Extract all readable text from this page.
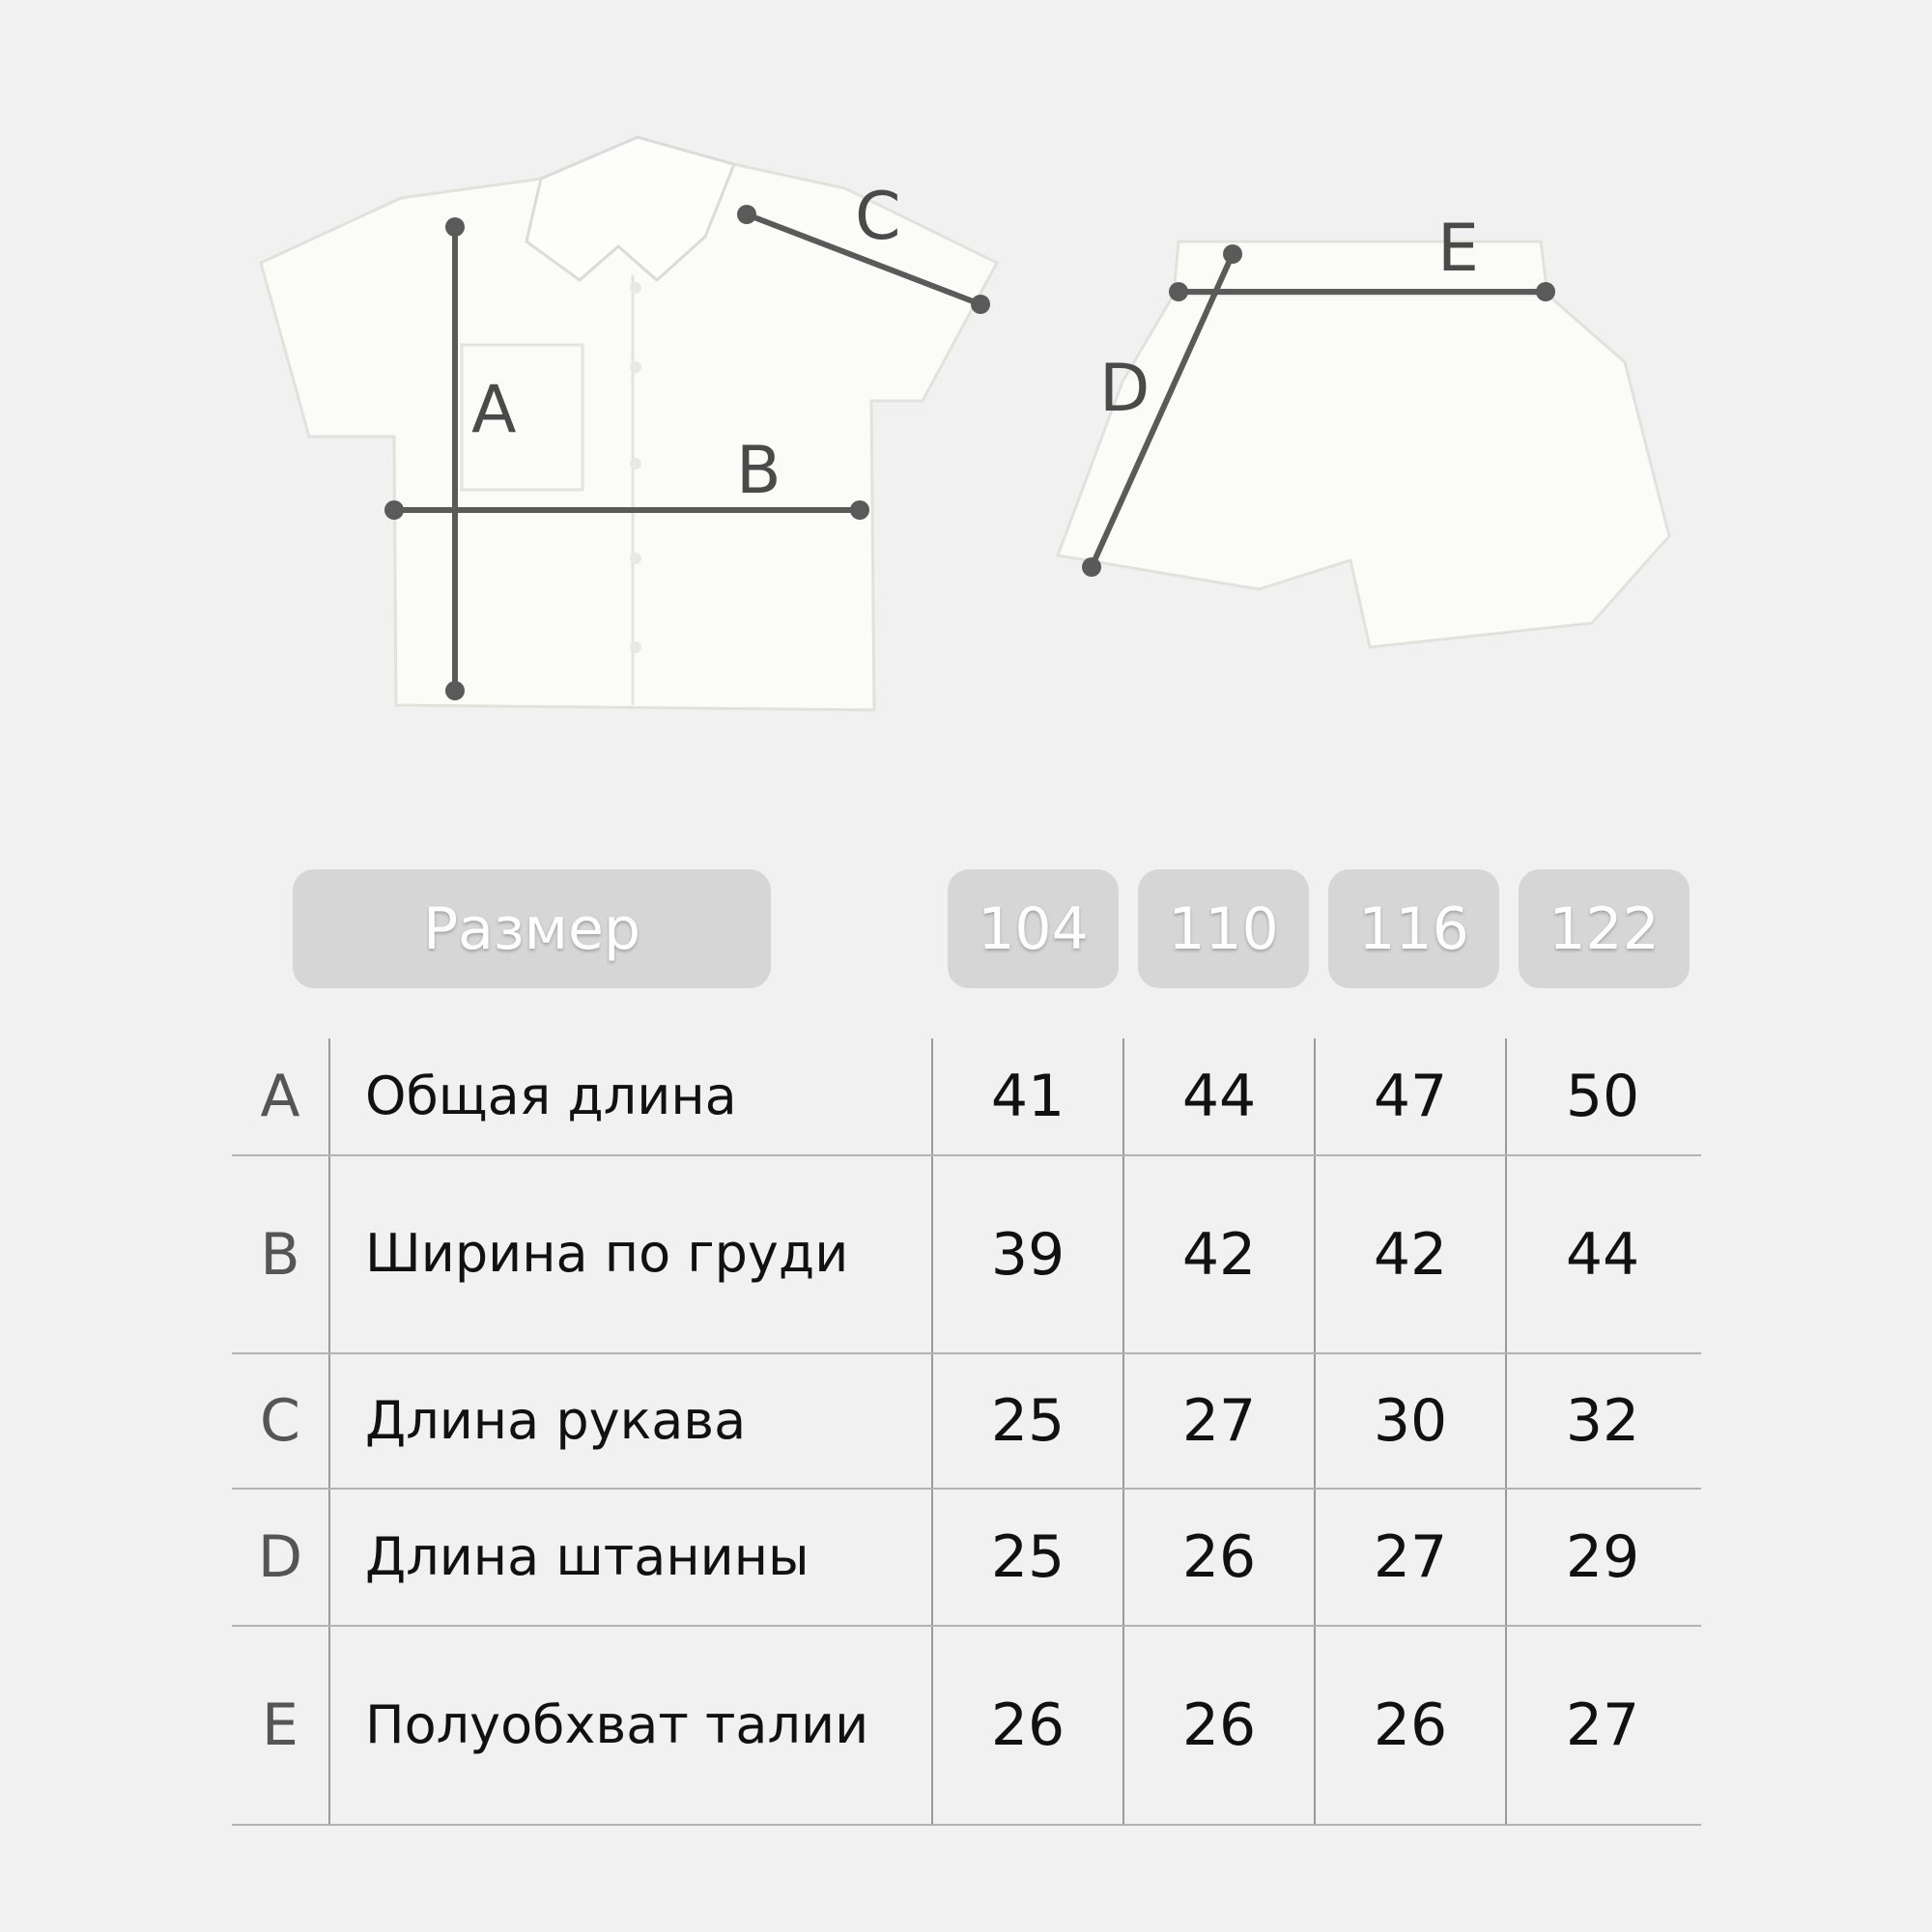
A
B
C
D
E
Размер	104	110	116	122
A	Общая длина	41	44	47	50
B	Ширина по груди	39	42	42	44
C	Длина рукава	25	27	30	32
D	Длина штанины	25	26	27	29
E	Полуобхват талии	26	26	26	27
